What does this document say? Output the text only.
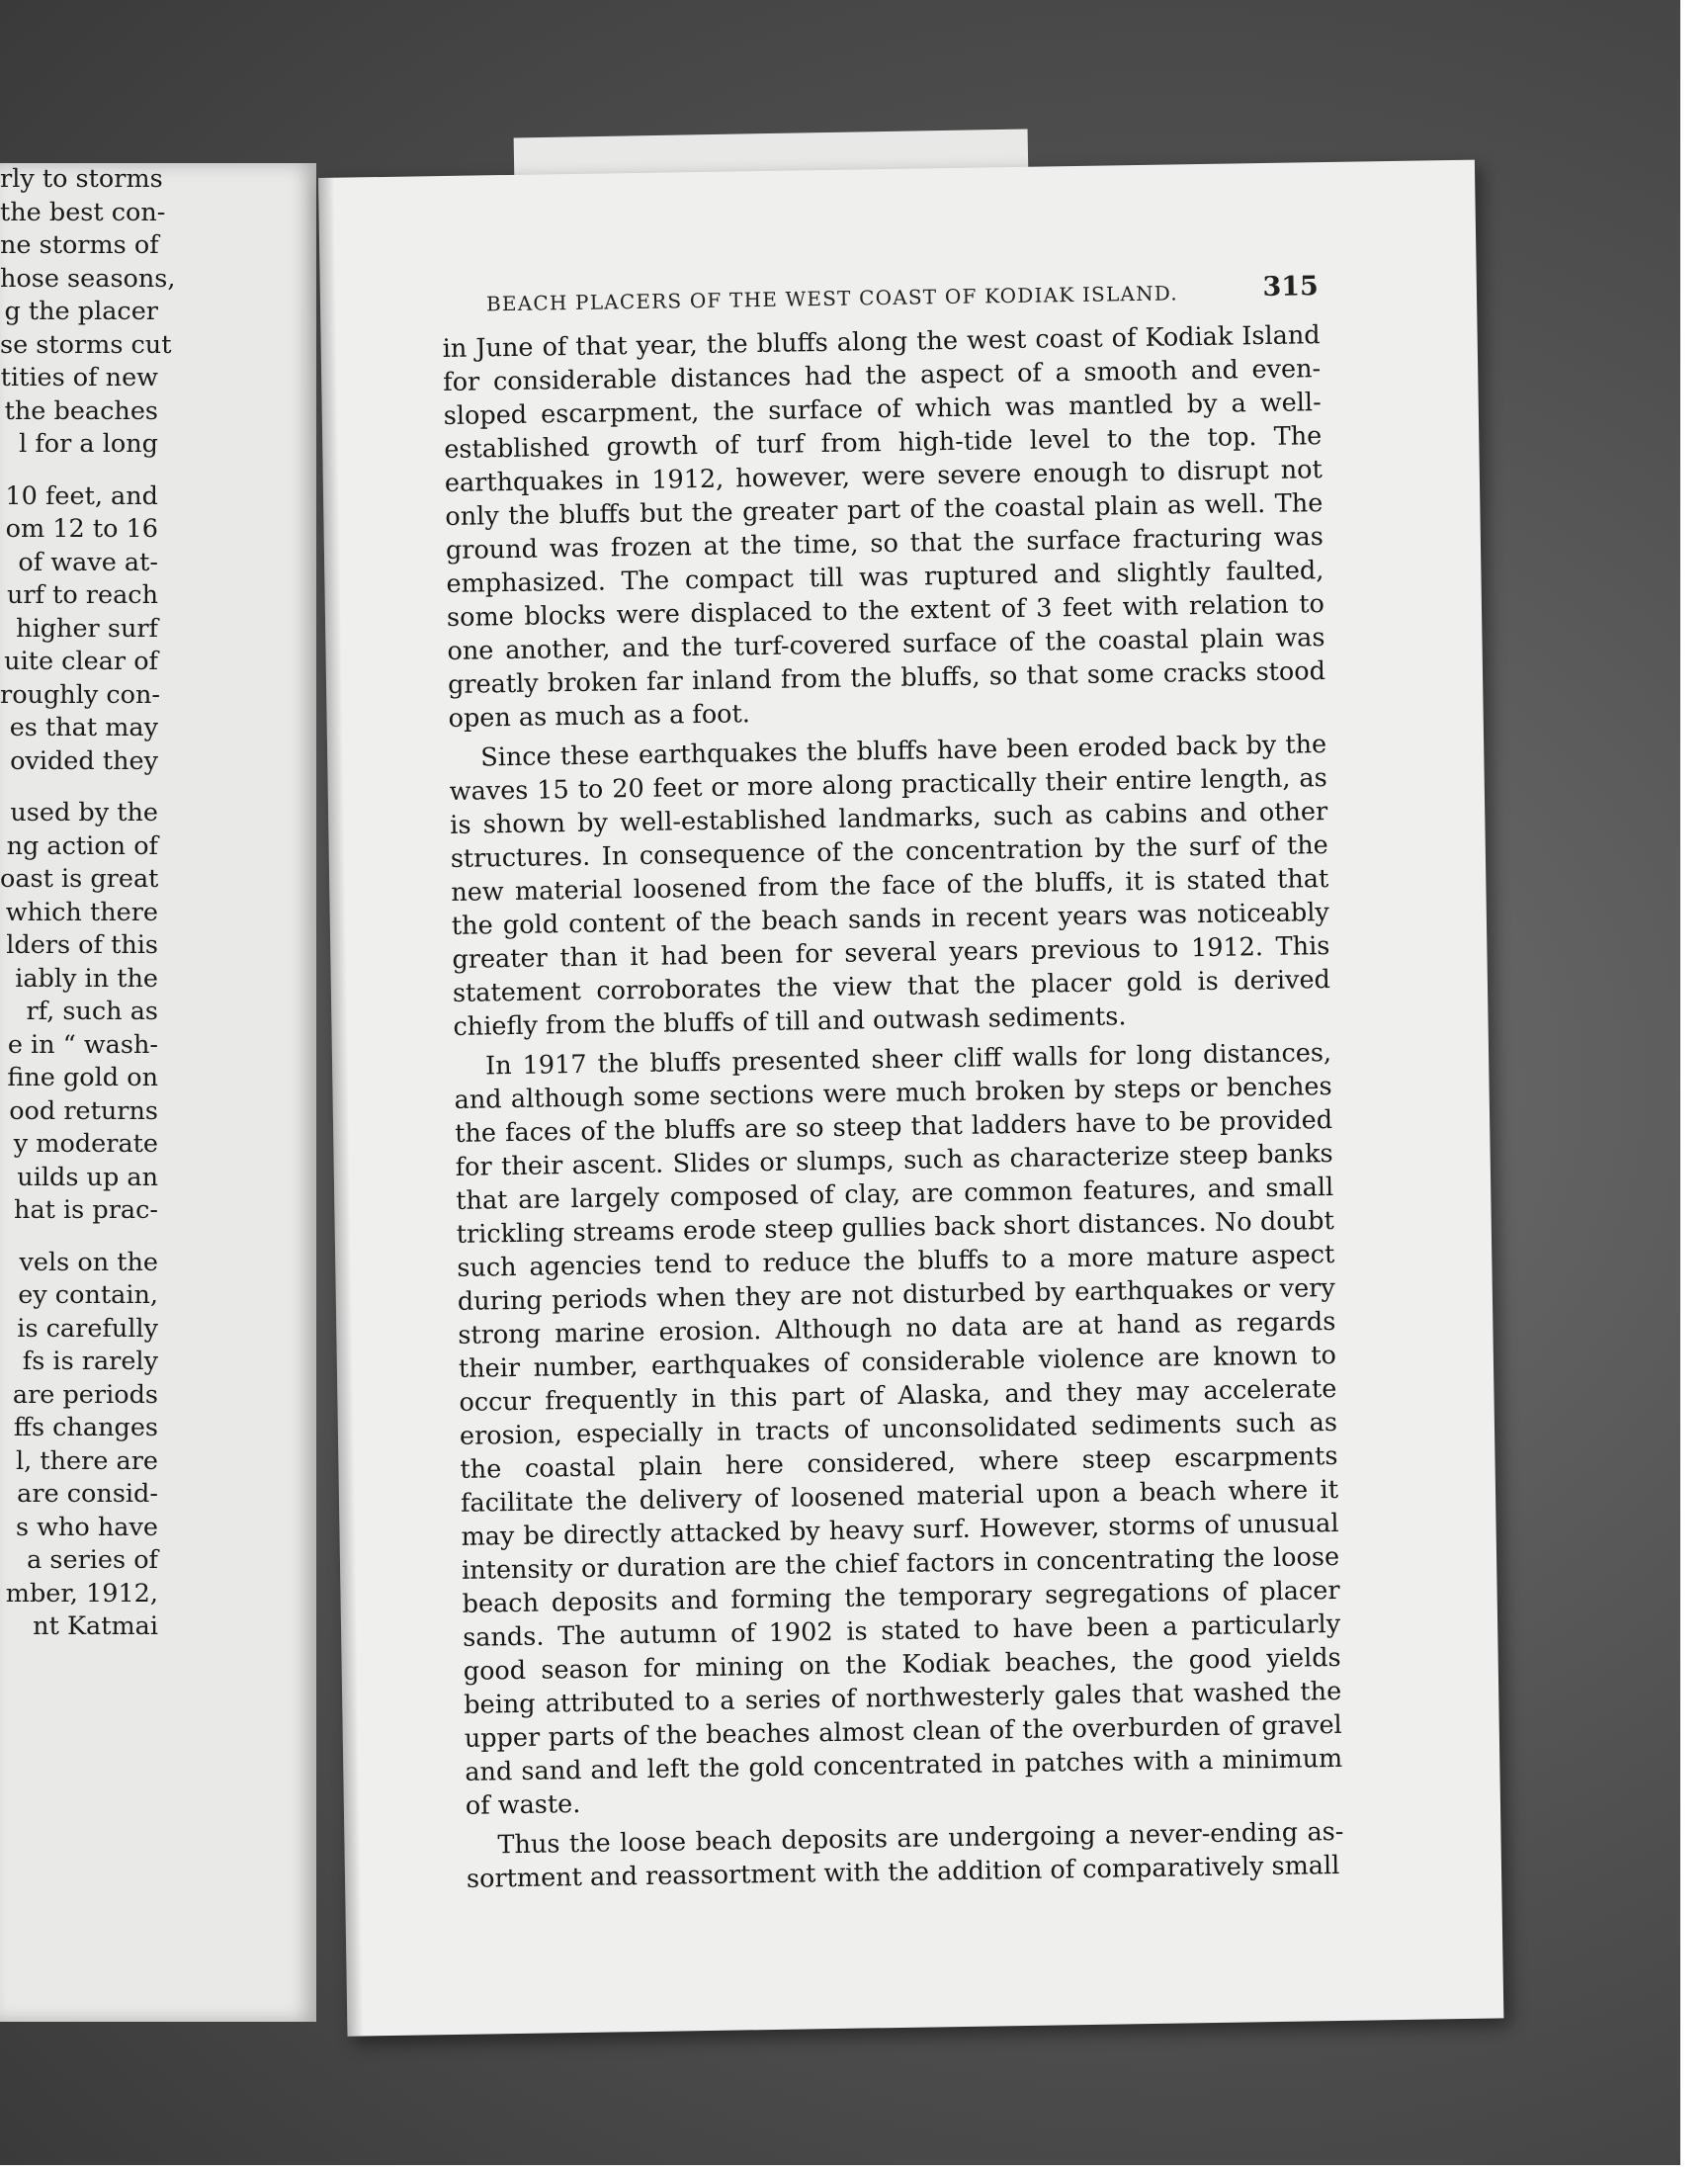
rly to storms
the best con-
ne storms of
hose seasons,
g the placer
se storms cut
tities of new
the beaches
l for a long
10 feet, and
om 12 to 16
of wave at-
urf to reach
higher surf
uite clear of
roughly con-
es that may
ovided they
used by the
ng action of
oast is great
which there
lders of this
iably in the
rf, such as
e in “ wash-
fine gold on
ood returns
y moderate
uilds up an
hat is prac-
vels on the
ey contain,
is carefully
fs is rarely
are periods
ffs changes
l, there are
are consid-
s who have
a series of
mber, 1912,
nt Katmai
BEACH PLACERS OF THE WEST COAST OF KODIAK ISLAND.	315

in June of that year, the bluffs along the west coast of Kodiak Island for considerable distances had the aspect of a smooth and even-sloped escarpment, the surface of which was mantled by a well-established growth of turf from high-tide level to the top. The earthquakes in 1912, however, were severe enough to disrupt not only the bluffs but the greater part of the coastal plain as well. The ground was frozen at the time, so that the surface fracturing was emphasized. The compact till was ruptured and slightly faulted, some blocks were displaced to the extent of 3 feet with relation to one another, and the turf-covered surface of the coastal plain was greatly broken far inland from the bluffs, so that some cracks stood open as much as a foot.

Since these earthquakes the bluffs have been eroded back by the waves 15 to 20 feet or more along practically their entire length, as is shown by well-established landmarks, such as cabins and other structures. In consequence of the concentration by the surf of the new material loosened from the face of the bluffs, it is stated that the gold content of the beach sands in recent years was noticeably greater than it had been for several years previous to 1912. This statement corroborates the view that the placer gold is derived chiefly from the bluffs of till and outwash sediments.

In 1917 the bluffs presented sheer cliff walls for long distances, and although some sections were much broken by steps or benches the faces of the bluffs are so steep that ladders have to be provided for their ascent. Slides or slumps, such as characterize steep banks that are largely composed of clay, are common features, and small trickling streams erode steep gullies back short distances. No doubt such agencies tend to reduce the bluffs to a more mature aspect during periods when they are not disturbed by earthquakes or very strong marine erosion. Although no data are at hand as regards their number, earthquakes of considerable violence are known to occur frequently in this part of Alaska, and they may accelerate erosion, especially in tracts of unconsolidated sediments such as the coastal plain here considered, where steep escarpments facilitate the delivery of loosened material upon a beach where it may be directly attacked by heavy surf. However, storms of unusual intensity or duration are the chief factors in concentrating the loose beach deposits and forming the temporary segregations of placer sands. The autumn of 1902 is stated to have been a particularly good season for mining on the Kodiak beaches, the good yields being attributed to a series of northwesterly gales that washed the upper parts of the beaches almost clean of the overburden of gravel and sand and left the gold concentrated in patches with a minimum of waste.

Thus the loose beach deposits are undergoing a never-ending assortment and reassortment with the addition of comparatively small
